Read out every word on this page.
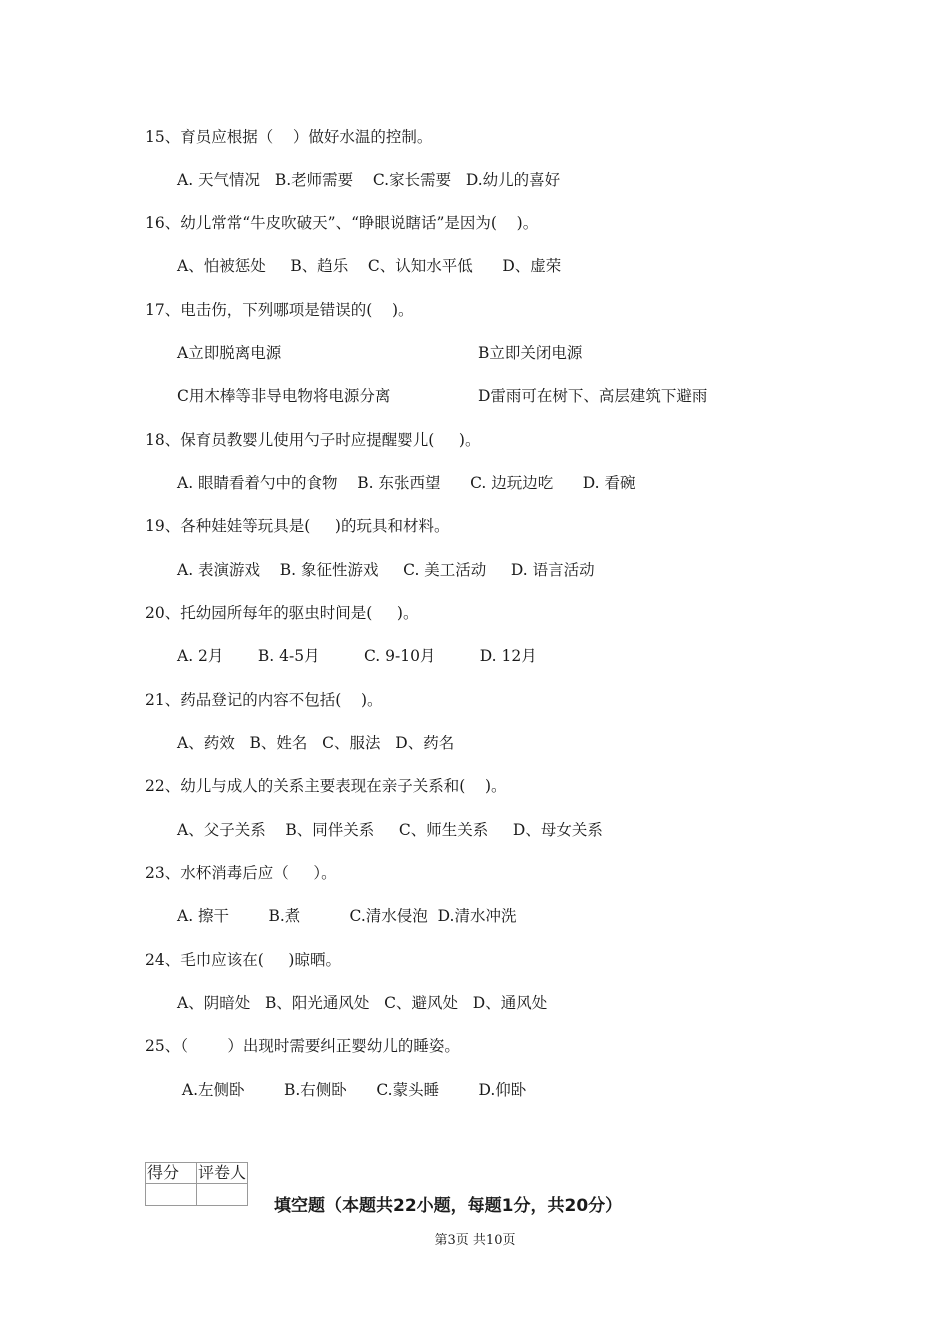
15、育员应根据（    ）做好水温的控制。
A. 天气情况   B.老师需要    C.家长需要   D.幼儿的喜好
16、幼儿常常“牛皮吹破天”、“睁眼说瞎话”是因为(    )。
A、怕被惩处     B、趋乐    C、认知水平低      D、虚荣
17、电击伤，下列哪项是错误的(    )。
A立即脱离电源	B立即关闭电源
C用木棒等非导电物将电源分离	D雷雨可在树下、高层建筑下避雨
18、保育员教婴儿使用勺子时应提醒婴儿(     )。
A. 眼睛看着勺中的食物    B. 东张西望      C. 边玩边吃      D. 看碗
19、各种娃娃等玩具是(     )的玩具和材料。
A. 表演游戏    B. 象征性游戏     C. 美工活动     D. 语言活动
20、托幼园所每年的驱虫时间是(     )。
A. 2月       B. 4-5月         C. 9-10月         D. 12月
21、药品登记的内容不包括(    )。
A、药效   B、姓名   C、服法   D、药名
22、幼儿与成人的关系主要表现在亲子关系和(    )。
A、父子关系    B、同伴关系     C、师生关系     D、母女关系
23、水杯消毒后应（     ）。
A. 擦干        B.煮          C.清水侵泡  D.清水冲洗
24、毛巾应该在(     )晾晒。
A、阴暗处   B、阳光通风处   C、避风处   D、通风处
25、（        ）出现时需要纠正婴幼儿的睡姿。
A.左侧卧        B.右侧卧      C.蒙头睡        D.仰卧
得分	评卷人

填空题（本题共22小题，每题1分，共20分）
第3页 共10页
